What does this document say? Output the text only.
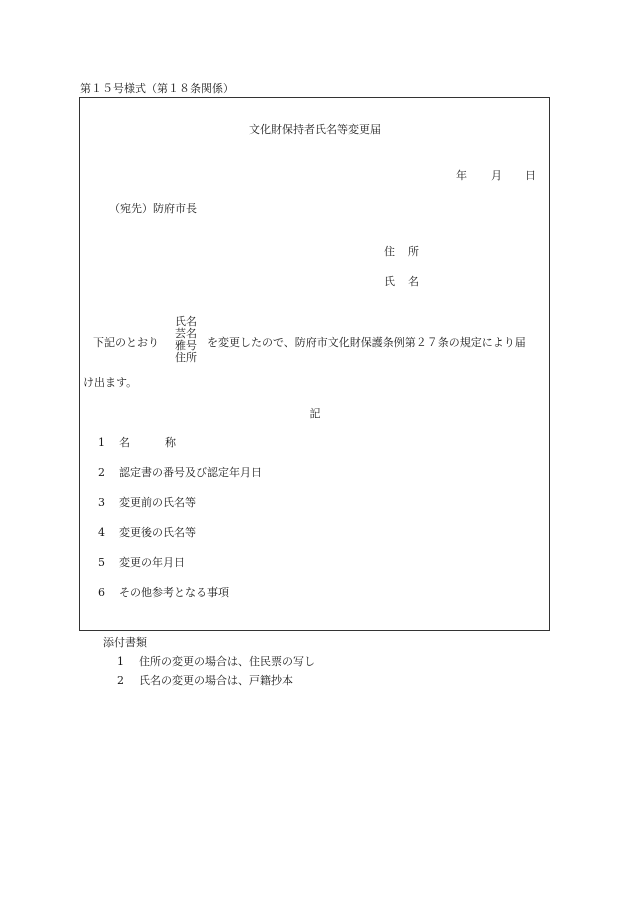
第１５号様式（第１８条関係）
文化財保持者氏名等変更届
年 月 日
（宛先）防府市長
住 所
氏 名
下記のとおり
氏名
芸名
雅号
住所
を変更したので、防府市文化財保護条例第２７条の規定により届
け出ます。
記
1 名	称
2 認定書の番号及び認定年月日
3 変更前の氏名等
4 変更後の氏名等
5 変更の年月日
6 その他参考となる事項
添付書類
1 住所の変更の場合は、住民票の写し
2 氏名の変更の場合は、戸籍抄本
